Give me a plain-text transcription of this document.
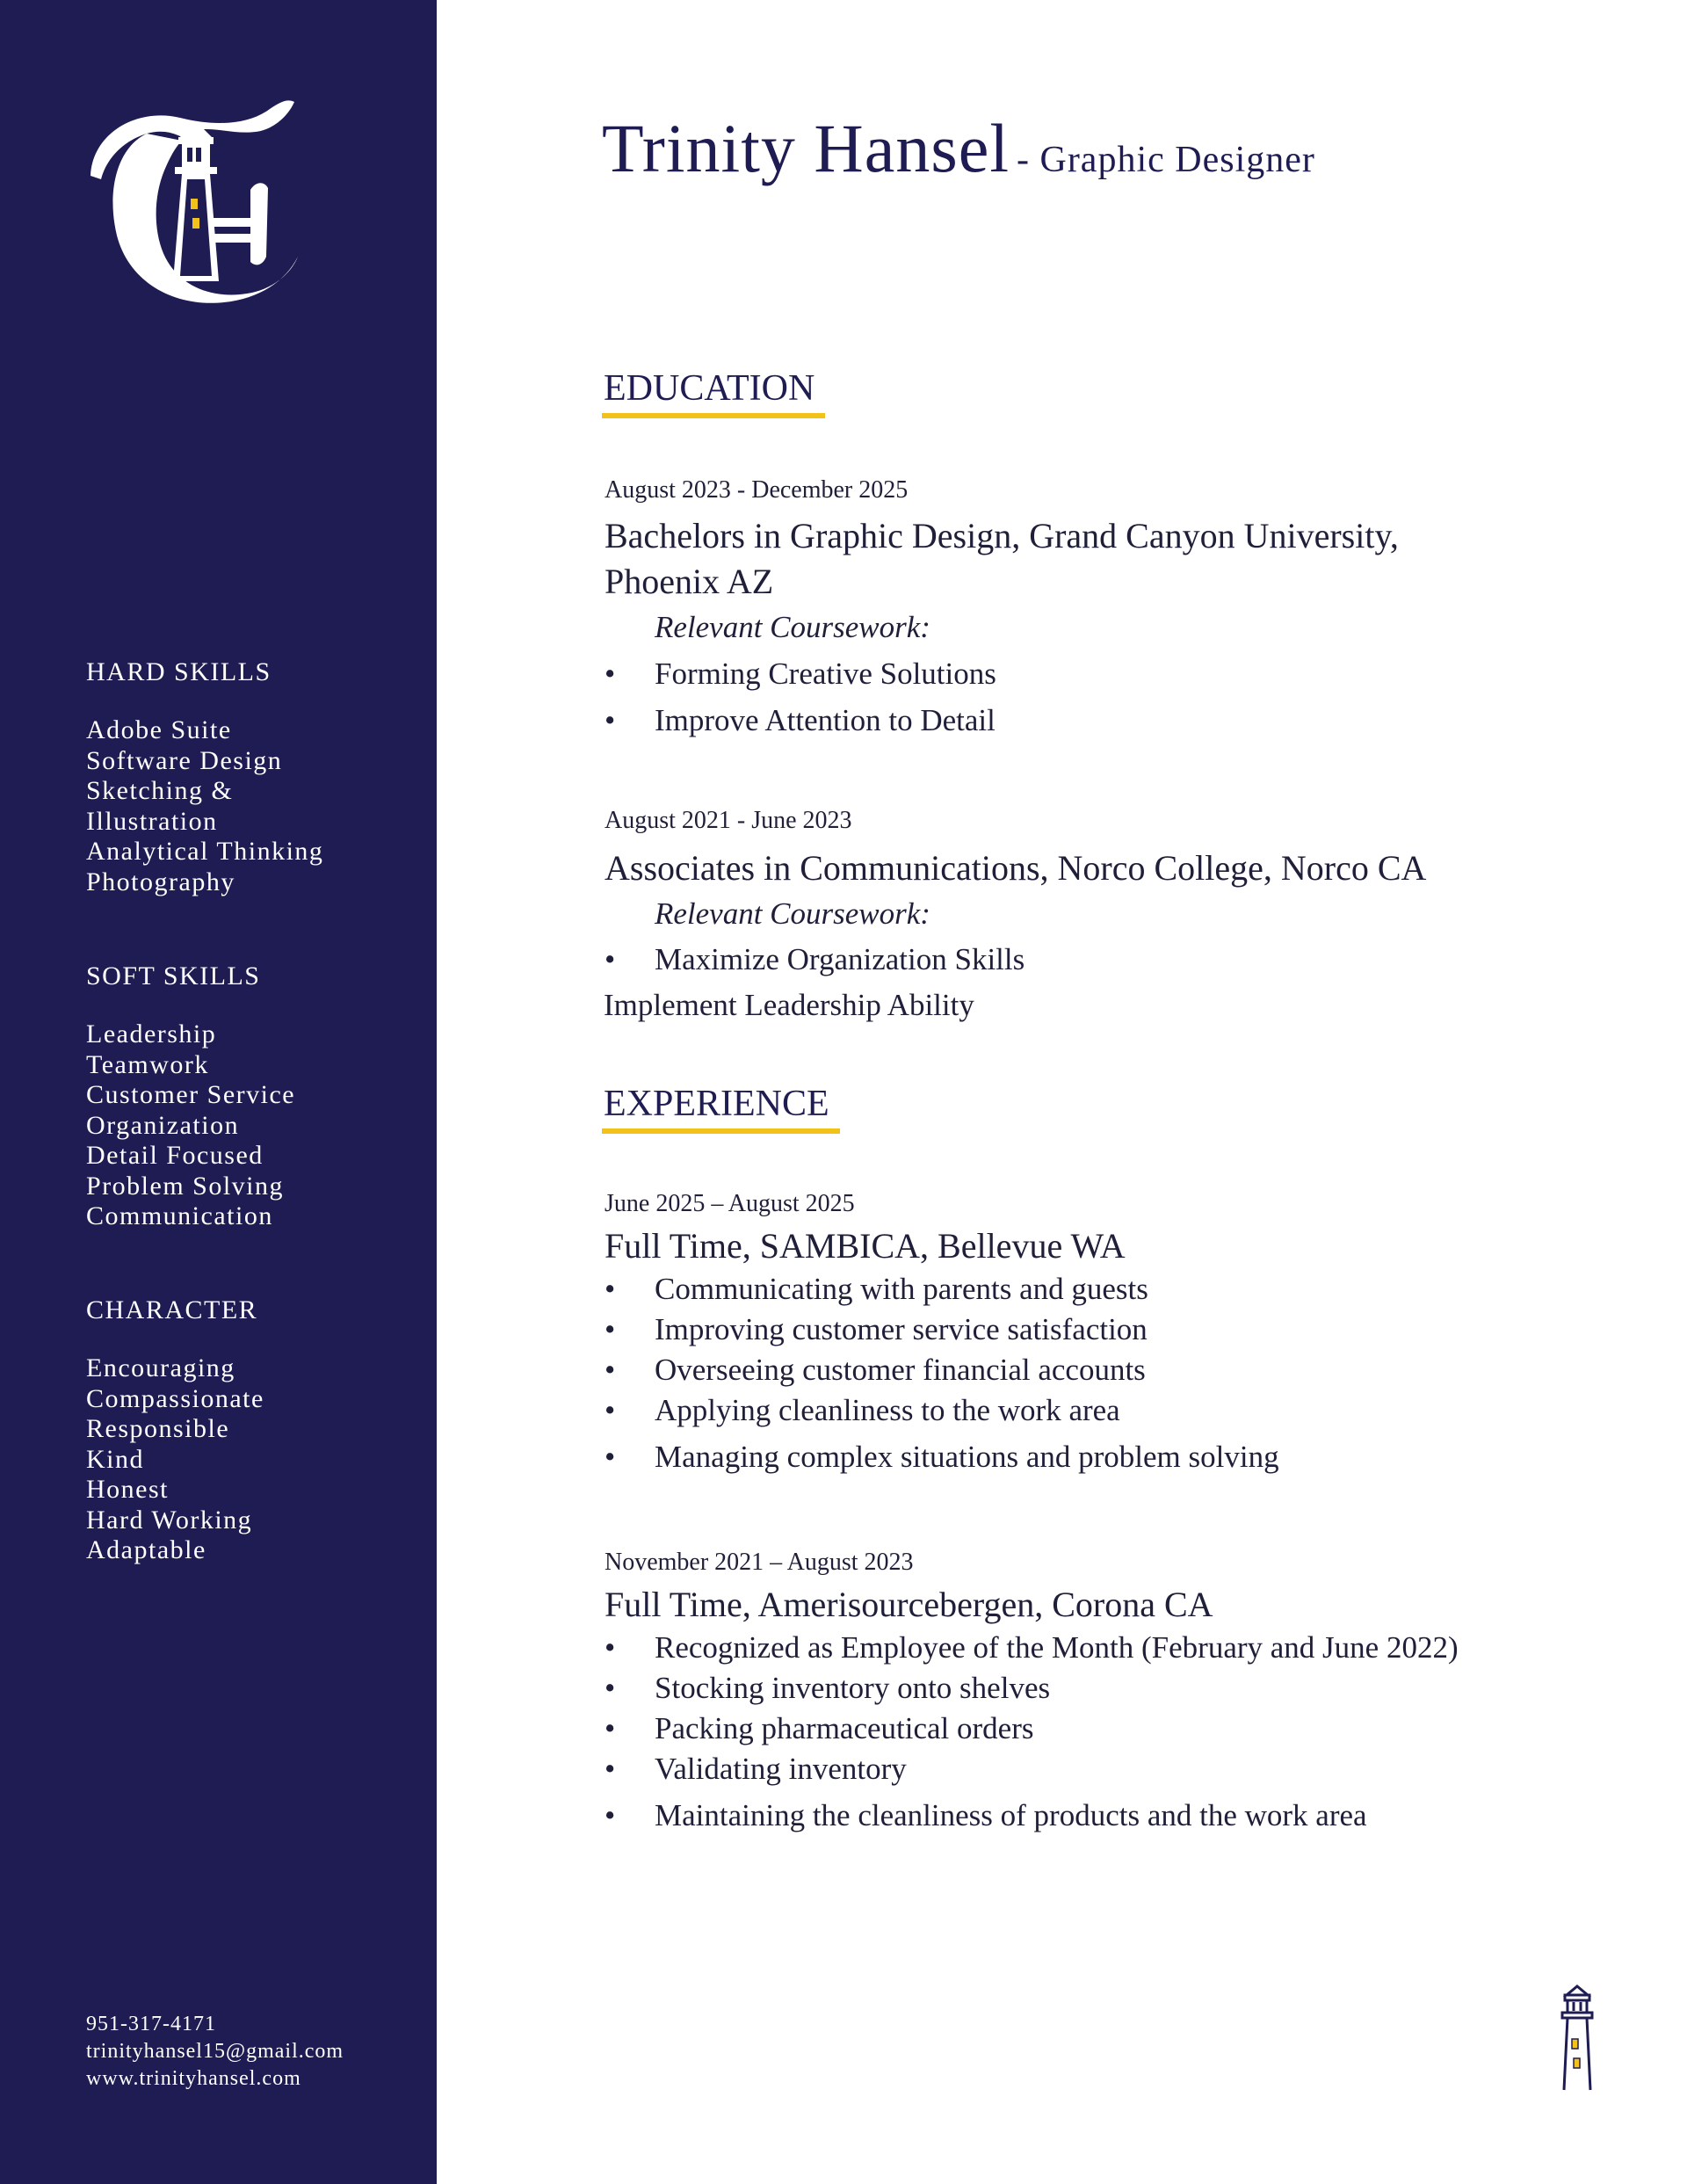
HARD SKILLS
Adobe Suite
Software Design
Sketching &
Illustration
Analytical Thinking
Photography
SOFT SKILLS
Leadership
Teamwork
Customer Service
Organization
Detail Focused
Problem Solving
Communication
CHARACTER
Encouraging
Compassionate
Responsible
Kind
Honest
Hard Working
Adaptable
951-317-4171
trinityhansel15@gmail.com
www.trinityhansel.com
Trinity Hansel - Graphic Designer
EDUCATION
August 2023 - December 2025
Bachelors in Graphic Design, Grand Canyon University,
Phoenix AZ
Relevant Coursework:
• Forming Creative Solutions
• Improve Attention to Detail
August 2021 - June 2023
Associates in Communications, Norco College, Norco CA
Relevant Coursework:
• Maximize Organization Skills
Implement Leadership Ability
EXPERIENCE
June 2025 – August 2025
Full Time, SAMBICA, Bellevue WA
• Communicating with parents and guests
• Improving customer service satisfaction
• Overseeing customer financial accounts
• Applying cleanliness to the work area
• Managing complex situations and problem solving
November 2021 – August 2023
Full Time, Amerisourcebergen, Corona CA
• Recognized as Employee of the Month (February and June 2022)
• Stocking inventory onto shelves
• Packing pharmaceutical orders
• Validating inventory
• Maintaining the cleanliness of products and the work area
